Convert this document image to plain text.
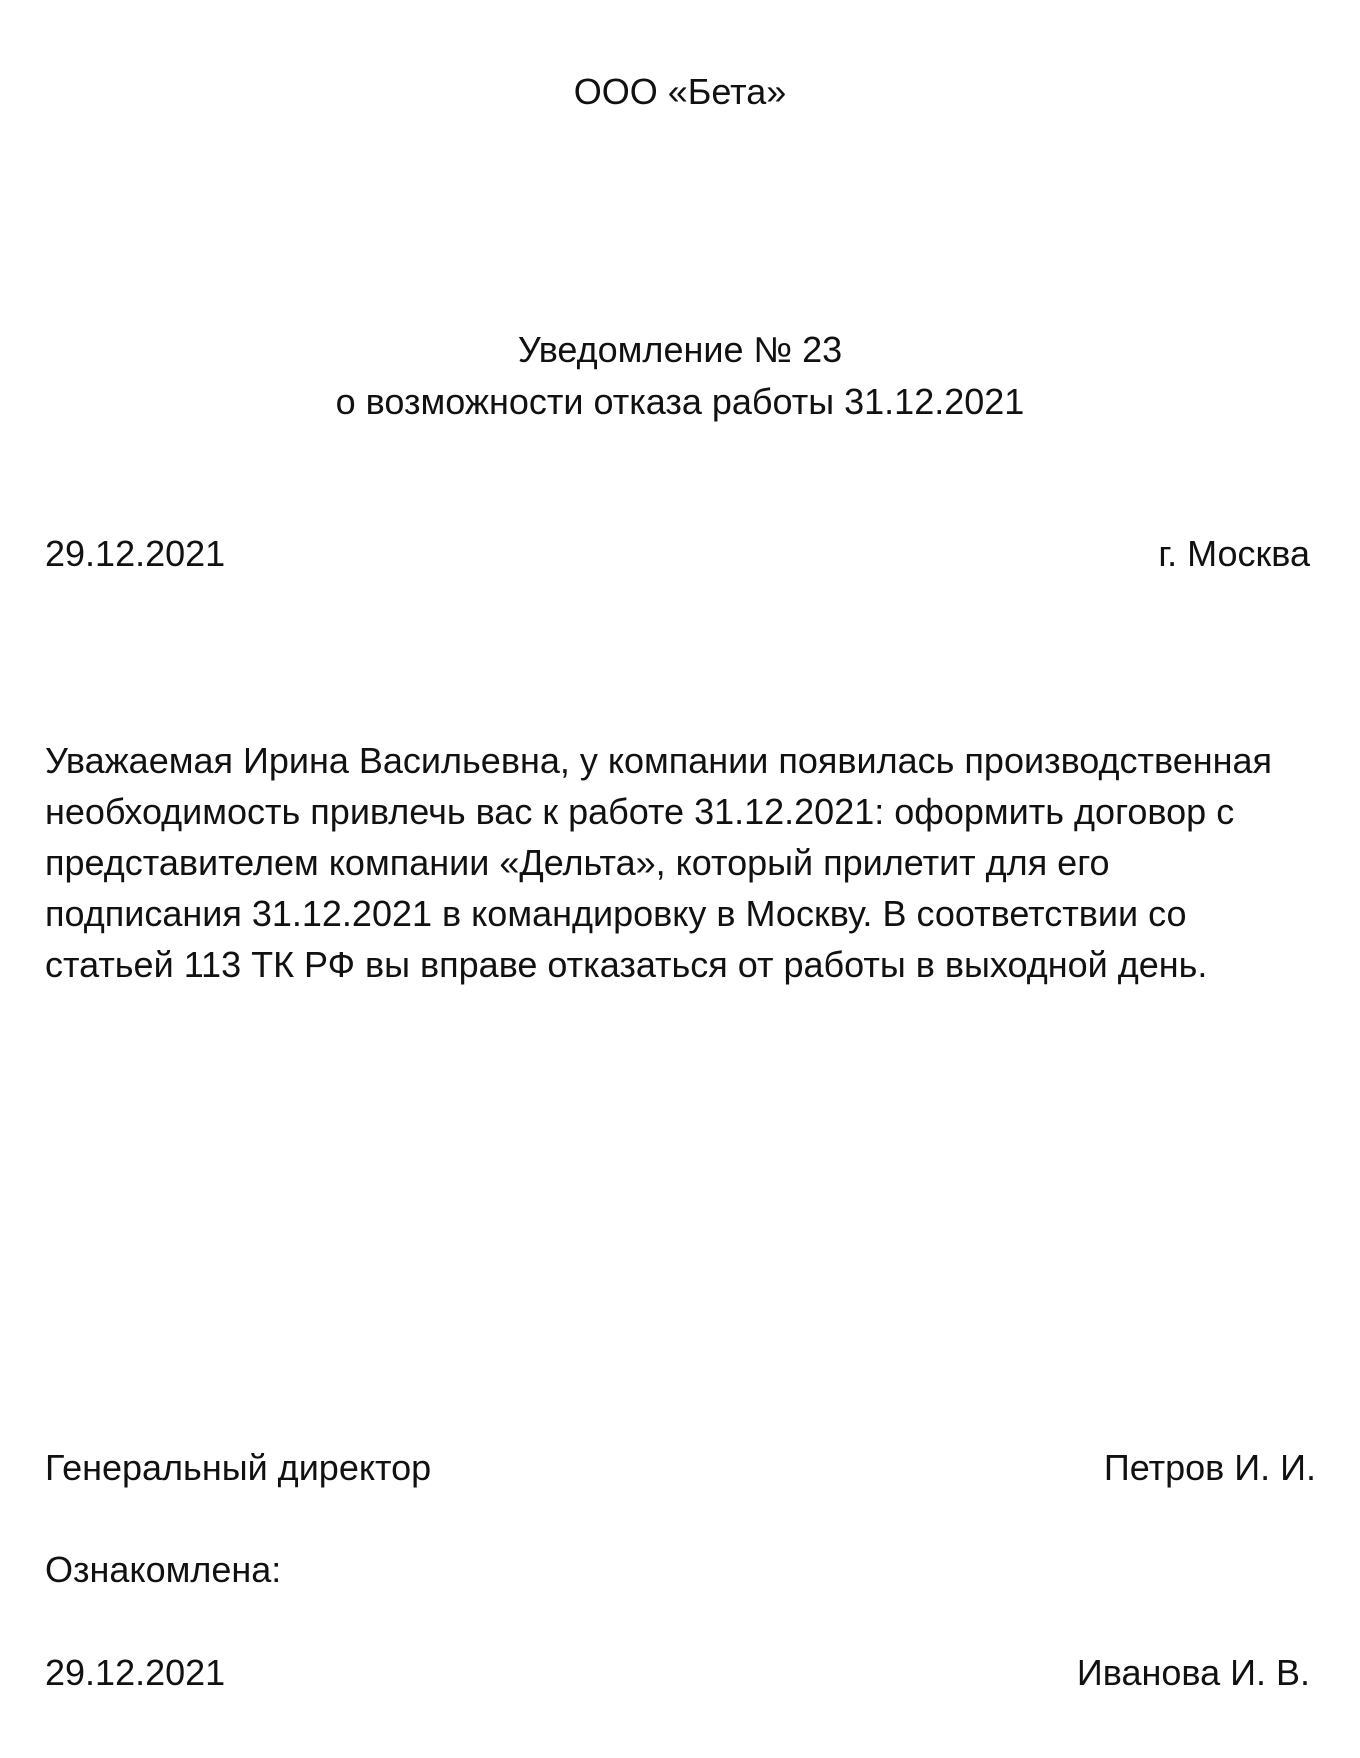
ООО «Бета»
Уведомление № 23
о возможности отказа работы 31.12.2021
29.12.2021	г. Москва
Уважаемая Ирина Васильевна, у компании появилась производственная
необходимость привлечь вас к работе 31.12.2021: оформить договор с
представителем компании «Дельта», который прилетит для его
подписания 31.12.2021 в командировку в Москву. В соответствии со
статьей 113 ТК РФ вы вправе отказаться от работы в выходной день.
Генеральный директор	Петров И. И.
Ознакомлена:
29.12.2021	Иванова И. В.
